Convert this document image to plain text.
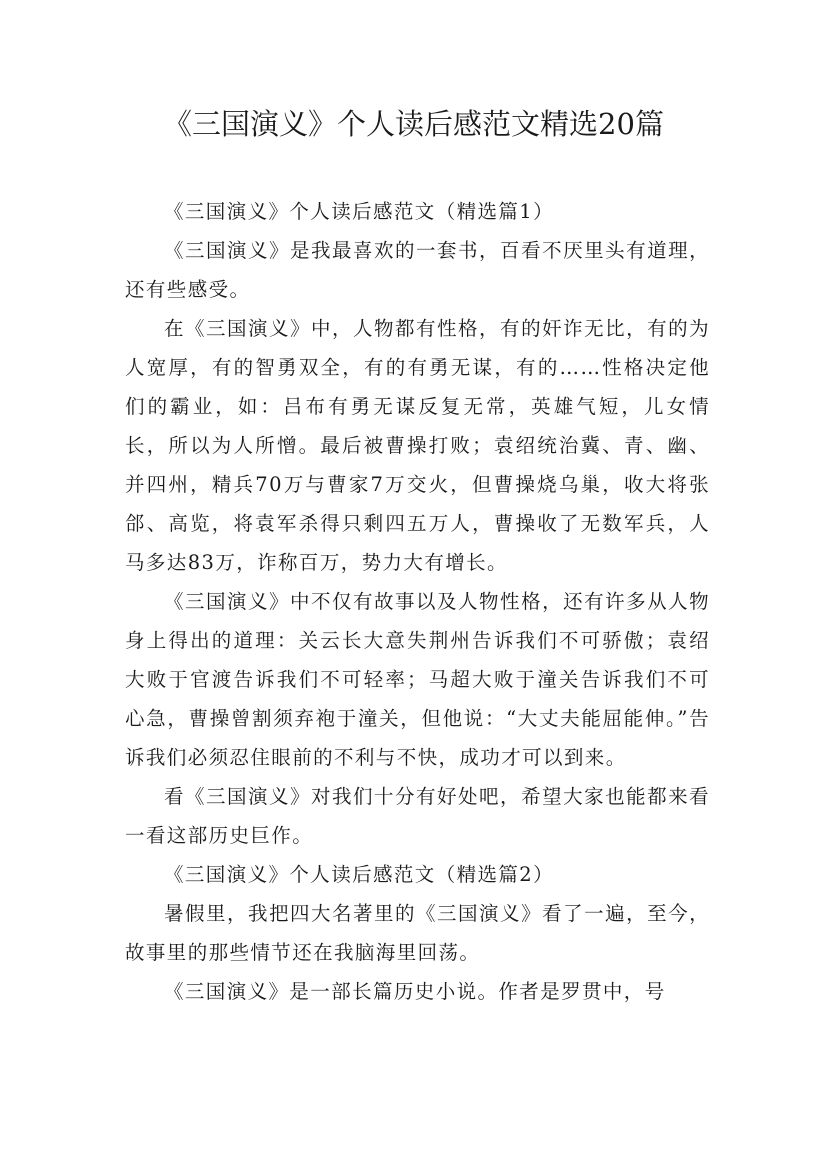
《三国演义》个人读后感范文精选20篇

《三国演义》个人读后感范文（精选篇1）

《三国演义》是我最喜欢的一套书，百看不厌里头有道理，还有些感受。

在《三国演义》中，人物都有性格，有的奸诈无比，有的为人宽厚，有的智勇双全，有的有勇无谋，有的……性格决定他们的霸业，如：吕布有勇无谋反复无常，英雄气短，儿女情长，所以为人所憎。最后被曹操打败；袁绍统治冀、青、幽、并四州，精兵70万与曹家7万交火，但曹操烧乌巢，收大将张郃、高览，将袁军杀得只剩四五万人，曹操收了无数军兵，人马多达83万，诈称百万，势力大有增长。

《三国演义》中不仅有故事以及人物性格，还有许多从人物身上得出的道理：关云长大意失荆州告诉我们不可骄傲；袁绍大败于官渡告诉我们不可轻率；马超大败于潼关告诉我们不可心急，曹操曾割须弃袍于潼关，但他说：“大丈夫能屈能伸。”告诉我们必须忍住眼前的不利与不快，成功才可以到来。

看《三国演义》对我们十分有好处吧，希望大家也能都来看一看这部历史巨作。

《三国演义》个人读后感范文（精选篇2）

暑假里，我把四大名著里的《三国演义》看了一遍，至今，故事里的那些情节还在我脑海里回荡。

《三国演义》是一部长篇历史小说。作者是罗贯中，号
